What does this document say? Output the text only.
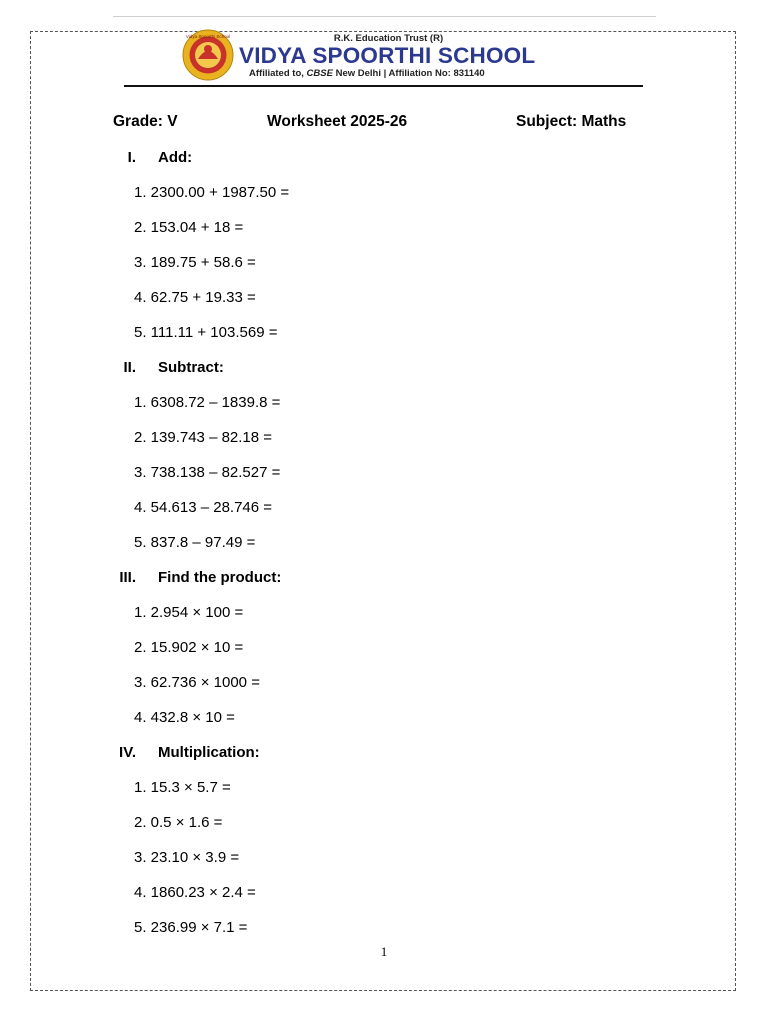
Vidya Spoorthi School	R.K. Education Trust (R)
VIDYA SPOORTHI SCHOOL
Affiliated to, CBSE New Delhi | Affiliation No: 831140
Grade: V	Worksheet 2025-26	Subject: Maths
I. Add:
1. 2300.00 + 1987.50 =
2. 153.04 + 18 =
3. 189.75 + 58.6 =
4. 62.75 + 19.33 =
5. 111.11 + 103.569 =
II. Subtract:
1. 6308.72 – 1839.8 =
2. 139.743 – 82.18 =
3. 738.138 – 82.527 =
4. 54.613 – 28.746 =
5. 837.8 – 97.49 =
III. Find the product:
1. 2.954 × 100 =
2. 15.902 × 10 =
3. 62.736 × 1000 =
4. 432.8 × 10 =
IV. Multiplication:
1. 15.3 × 5.7 =
2. 0.5 × 1.6 =
3. 23.10 × 3.9 =
4. 1860.23 × 2.4 =
5. 236.99 × 7.1 =
1
